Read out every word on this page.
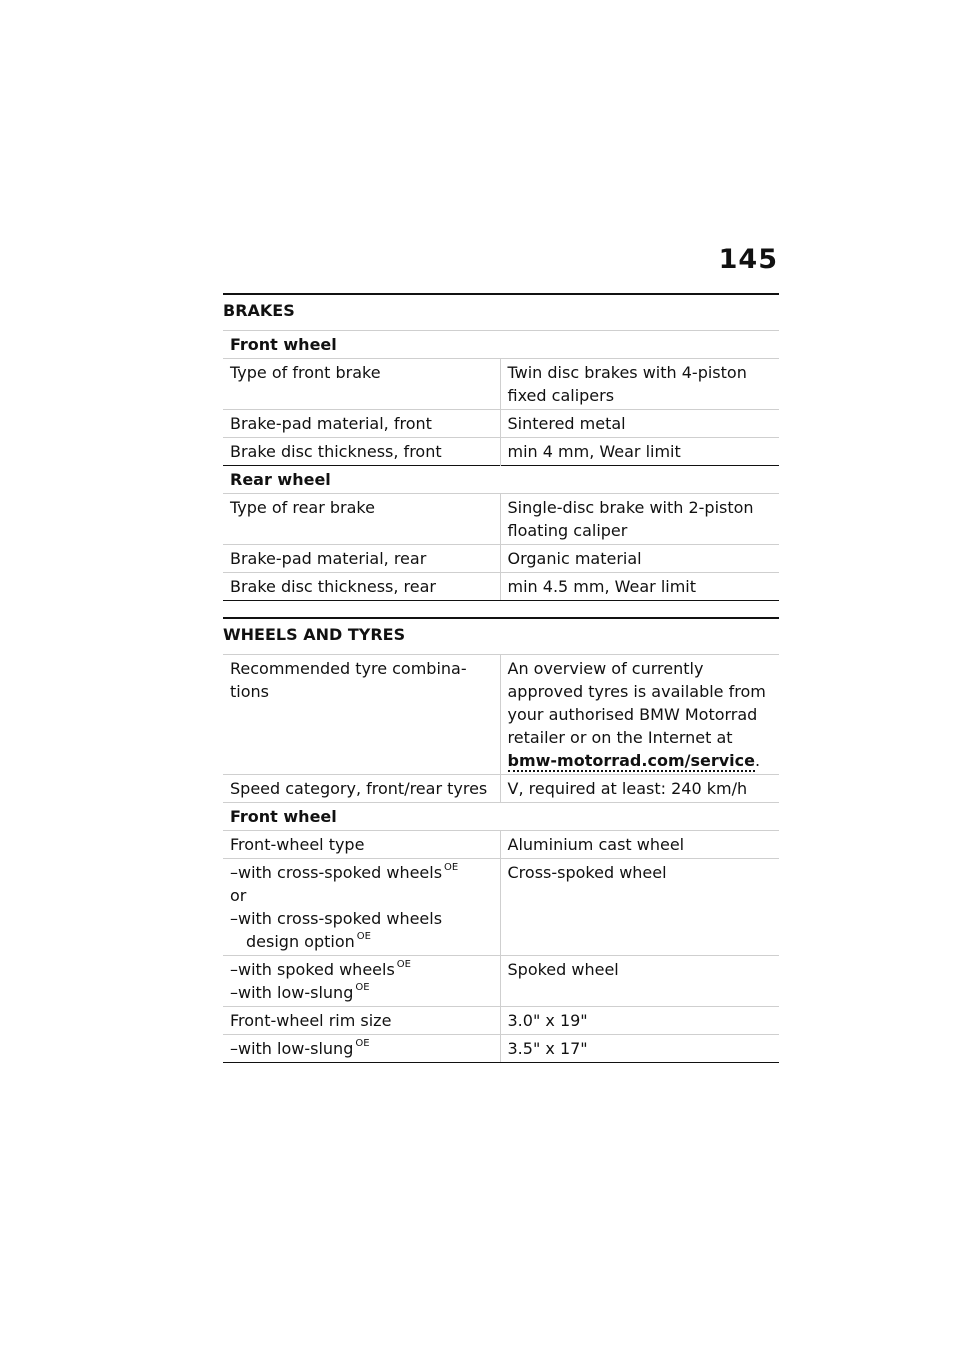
145
BRAKES
Front wheel	
Type of front brake	Twin disc brakes with 4-piston fixed calipers
Brake-pad material, front	Sintered metal
Brake disc thickness, front	min 4 mm, Wear limit
Rear wheel	
Type of rear brake	Single-disc brake with 2-piston floating caliper
Brake-pad material, rear	Organic material
Brake disc thickness, rear	min 4.5 mm, Wear limit
WHEELS AND TYRES
Recommended tyre combina-tions	An overview of currently approved tyres is available from your authorised BMW Motorrad retailer or on the Internet at bmw-motorrad.com/service.
Speed category, front/rear tyres	V, required at least: 240 km/h
Front wheel	
Front-wheel type	Aluminium cast wheel

–with cross-spoked wheels $^{OE}$
or
–with cross-spoked wheels
design option $^{OE}$	Cross-spoked wheel

–with spoked wheels $^{OE}$
–with low-slung $^{OE}$	Spoked wheel
Front-wheel rim size	3.0" x 19"

–with low-slung $^{OE}$	3.5" x 17"
